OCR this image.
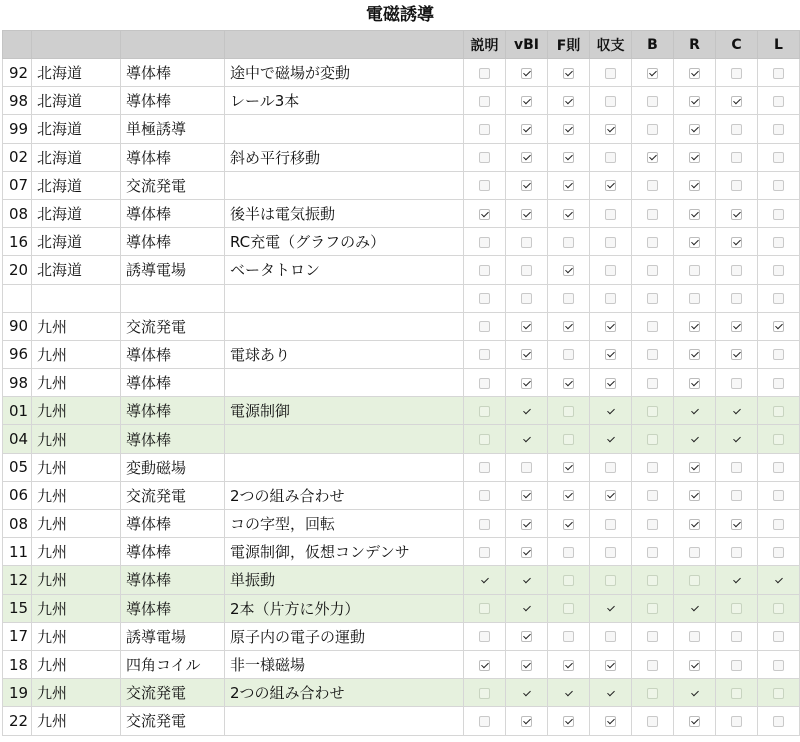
電磁誘導
				説明	vBI	F則	収支	B	R	C	L
92	北海道	導体棒	途中で磁場が変動								
98	北海道	導体棒	レール3本								
99	北海道	単極誘導									
02	北海道	導体棒	斜め平行移動								
07	北海道	交流発電									
08	北海道	導体棒	後半は電気振動								
16	北海道	導体棒	RC充電（グラフのみ）								
20	北海道	誘導電場	ベータトロン								

90	九州	交流発電									
96	九州	導体棒	電球あり								
98	九州	導体棒									
01	九州	導体棒	電源制御								
04	九州	導体棒									
05	九州	変動磁場									
06	九州	交流発電	2つの組み合わせ								
08	九州	導体棒	コの字型，回転								
11	九州	導体棒	電源制御，仮想コンデンサ								
12	九州	導体棒	単振動								
15	九州	導体棒	2本（片方に外力）								
17	九州	誘導電場	原子内の電子の運動								
18	九州	四角コイル	非一様磁場								
19	九州	交流発電	2つの組み合わせ								
22	九州	交流発電									
